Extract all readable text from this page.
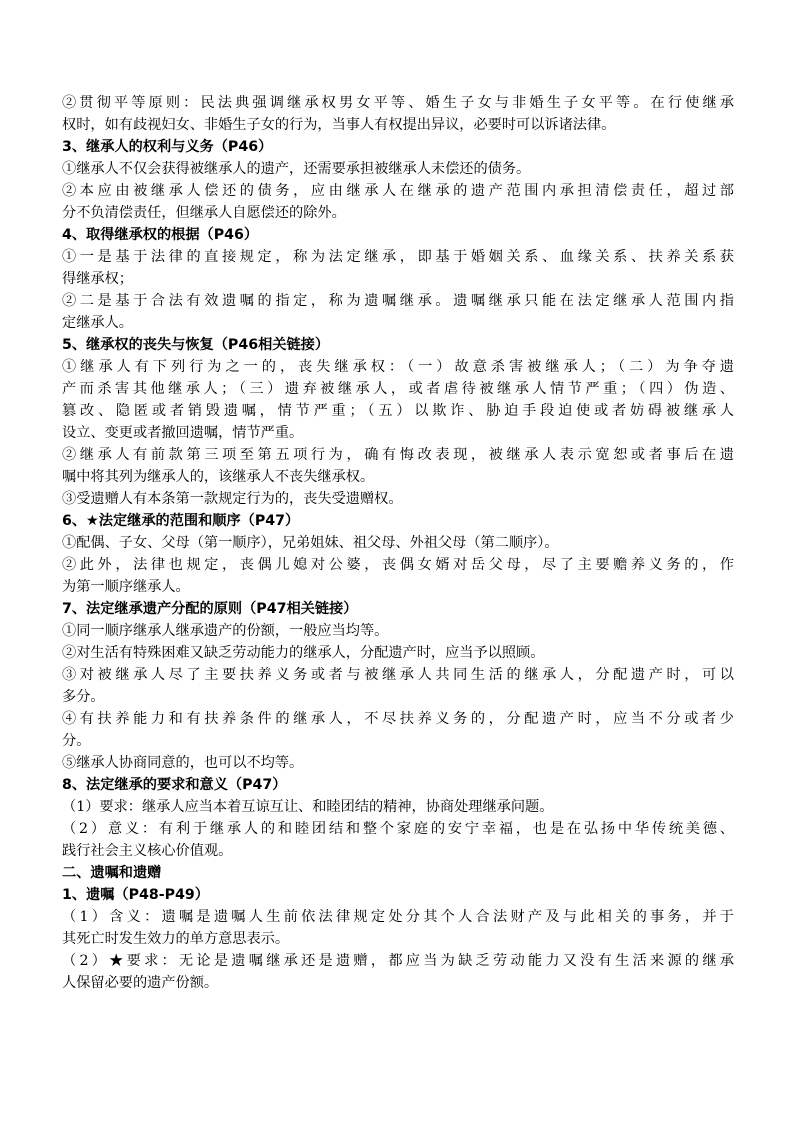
②贯彻平等原则：民法典强调继承权男女平等、婚生子女与非婚生子女平等。在行使继承
权时，如有歧视妇女、非婚生子女的行为，当事人有权提出异议，必要时可以诉诸法律。
3、继承人的权利与义务（P46）
①继承人不仅会获得被继承人的遗产，还需要承担被继承人未偿还的债务。
②本应由被继承人偿还的债务，应由继承人在继承的遗产范围内承担清偿责任，超过部
分不负清偿责任，但继承人自愿偿还的除外。
4、取得继承权的根据（P46）
①一是基于法律的直接规定，称为法定继承，即基于婚姻关系、血缘关系、扶养关系获
得继承权；
②二是基于合法有效遗嘱的指定，称为遗嘱继承。遗嘱继承只能在法定继承人范围内指
定继承人。
5、继承权的丧失与恢复（P46相关链接）
①继承人有下列行为之一的，丧失继承权：（一）故意杀害被继承人；（二）为争夺遗
产而杀害其他继承人；（三）遗弃被继承人，或者虐待被继承人情节严重；（四）伪造、
篡改、隐匿或者销毁遗嘱，情节严重；（五）以欺诈、胁迫手段迫使或者妨碍被继承人
设立、变更或者撤回遗嘱，情节严重。
②继承人有前款第三项至第五项行为，确有悔改表现，被继承人表示宽恕或者事后在遗
嘱中将其列为继承人的，该继承人不丧失继承权。
③受遗赠人有本条第一款规定行为的，丧失受遗赠权。
6、★法定继承的范围和顺序（P47）
①配偶、子女、父母（第一顺序），兄弟姐妹、祖父母、外祖父母（第二顺序）。
②此外，法律也规定，丧偶儿媳对公婆，丧偶女婿对岳父母，尽了主要赡养义务的，作
为第一顺序继承人。
7、法定继承遗产分配的原则（P47相关链接）
①同一顺序继承人继承遗产的份额，一般应当均等。
②对生活有特殊困难又缺乏劳动能力的继承人，分配遗产时，应当予以照顾。
③对被继承人尽了主要扶养义务或者与被继承人共同生活的继承人，分配遗产时，可以
多分。
④有扶养能力和有扶养条件的继承人，不尽扶养义务的，分配遗产时，应当不分或者少
分。
⑤继承人协商同意的，也可以不均等。
8、法定继承的要求和意义（P47）
（1）要求：继承人应当本着互谅互让、和睦团结的精神，协商处理继承问题。
（2）意义：有利于继承人的和睦团结和整个家庭的安宁幸福，也是在弘扬中华传统美德、
践行社会主义核心价值观。
二、遗嘱和遗赠
1、遗嘱（P48-P49）
（1）含义：遗嘱是遗嘱人生前依法律规定处分其个人合法财产及与此相关的事务，并于
其死亡时发生效力的单方意思表示。
（2）★要求：无论是遗嘱继承还是遗赠，都应当为缺乏劳动能力又没有生活来源的继承
人保留必要的遗产份额。
